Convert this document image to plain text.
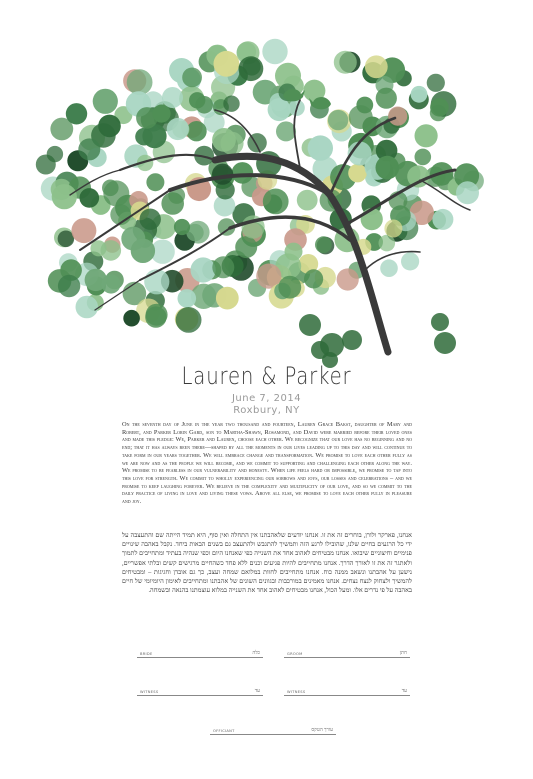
Lauren & Parker
June 7, 2014
Roxbury, NY
On the seventh day of June in the year two thousand and fourteen, Lauren Grace Bakst, daughter of Mary and Robert, and Parker Lorin Gard, son to Martha-Shawn, Rosamond, and David were married before their loved ones and made this pledge: We, Parker and Lauren, choose each other. We recognize that our love has no beginning and no end; that it has always been there—shaped by all the moments in our lives leading up to this day and will continue to take form in our years together. We will embrace change and transformation. We promise to love each other fully as we are now and as the people we will become, and we commit to supporting and challenging each other along the way. We promise to be fearless in our vulnerability and honesty. When life feels hard or impossible, we promise to tap into this love for strength. We commit to wholly experiencing our sorrows and joys, our losses and celebrations – and we promise to keep laughing forever. We believe in the complexity and multiplicity of our love, and so we commit to the daily practice of living in love and living these vows. Above all else, we promise to love each other fully in pleasure and joy.
אנחנו, פארקר ולורן, בוחרים זה את זו. אנחנו יודעים שלאהבתנו אין התחלה ואין סוף, היא תמיד הייתה שם והתעצבה על ידי כל הרגעים בחיים שלנו, שהובילו לרגע הזה ותמשיך להתגבש ולהתעצב גם בשנים הבאות ביחד. נקבל באהבה שינויים פנימיים וחיצוניים שיבואו. אנחנו מבטיחים לאהוב אחד את השנייה כפי שאנחנו היום וכפי שנהיה בעתיד ומתחייבים לתמוך ולאתגר זה את זו לאורך הדרך. אנחנו מתחייבים להיות פגיעים וכנים ללא פחד כשהחיים מרגישים קשים ובלתי אפשריים, נישען על אהבתנו ונשאב ממנה כוח. אנחנו מתחייבים לחוות במלואם שמחה ועצב, כך גם אובדן וחגיגות – ומבטיחים להמשיך ולצחוק לנצח נצחים. אנחנו מאמינים במורכבות ובגוונים השונים של אהבתנו ומתחייבים לאימון היומיומי של חיים באהבה על פי נדרים אלו. ומעל הכול, אנחנו מבטיחים לאהוב אחד את השנייה במלוא עוצמתנו בהנאה ובשמחה.
BRIDE	כלה	GROOM	חתן
WITNESS	עד	WITNESS	עד
OFFICIANT	עורך הטקס
